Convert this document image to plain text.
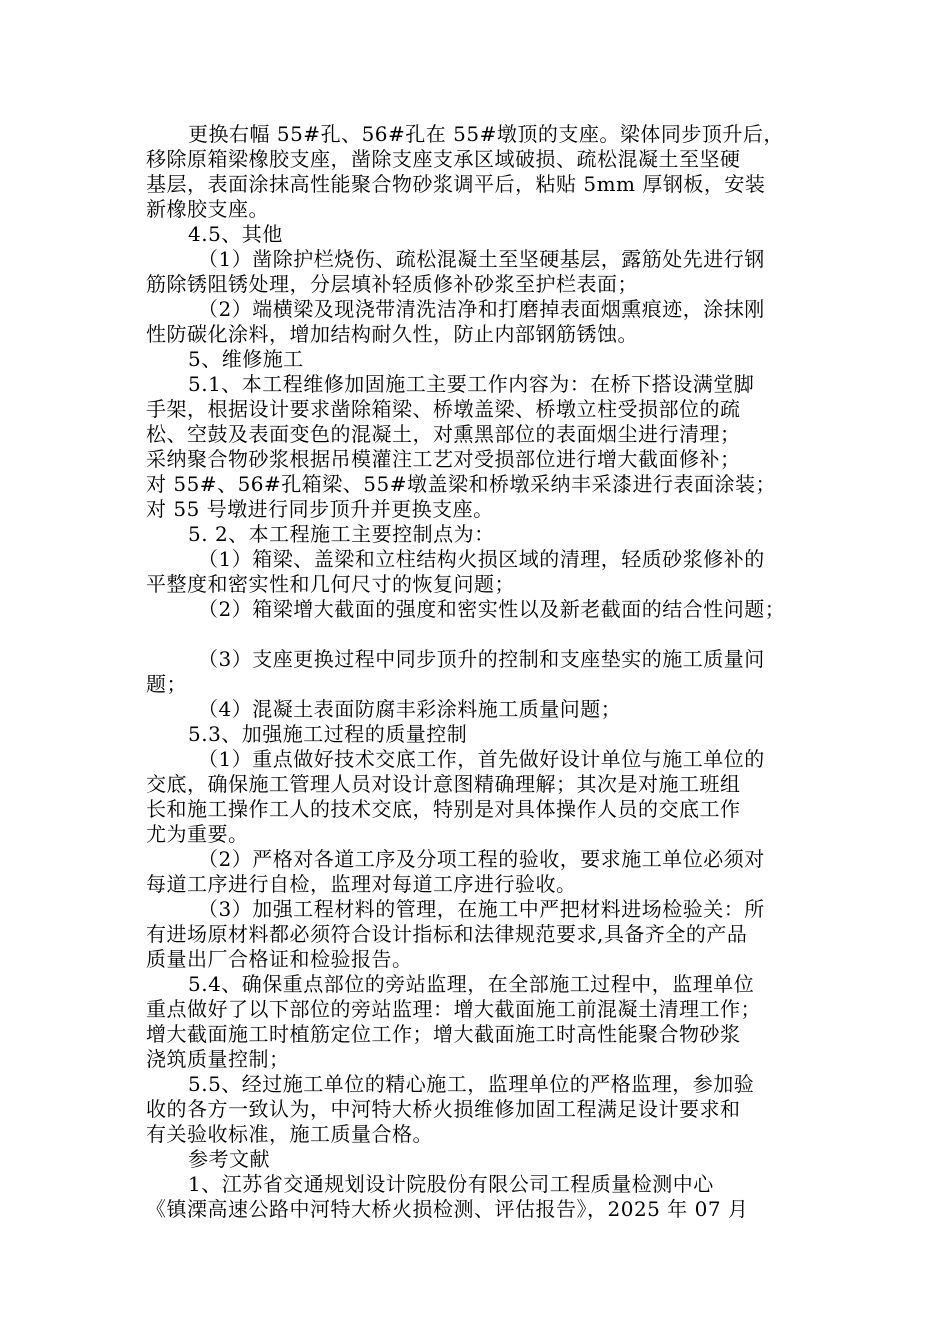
更换右幅 55#孔、56#孔在 55#墩顶的支座。梁体同步顶升后，
移除原箱梁橡胶支座，凿除支座支承区域破损、疏松混凝土至坚硬
基层，表面涂抹高性能聚合物砂浆调平后，粘贴 5mm 厚钢板，安装
新橡胶支座。
4.5、其他
（1）凿除护栏烧伤、疏松混凝土至坚硬基层，露筋处先进行钢
筋除锈阻锈处理，分层填补轻质修补砂浆至护栏表面；
（2）端横梁及现浇带清洗洁净和打磨掉表面烟熏痕迹，涂抹刚
性防碳化涂料，增加结构耐久性，防止内部钢筋锈蚀。
5、维修施工
5.1、本工程维修加固施工主要工作内容为：在桥下搭设满堂脚
手架，根据设计要求凿除箱梁、桥墩盖梁、桥墩立柱受损部位的疏
松、空鼓及表面变色的混凝土，对熏黑部位的表面烟尘进行清理；
采纳聚合物砂浆根据吊模灌注工艺对受损部位进行增大截面修补；
对 55#、56#孔箱梁、55#墩盖梁和桥墩采纳丰采漆进行表面涂装；
对 55 号墩进行同步顶升并更换支座。
5. 2、本工程施工主要控制点为：
（1）箱梁、盖梁和立柱结构火损区域的清理，轻质砂浆修补的
平整度和密实性和几何尺寸的恢复问题；
（2）箱梁增大截面的强度和密实性以及新老截面的结合性问题；
（3）支座更换过程中同步顶升的控制和支座垫实的施工质量问
题；
（4）混凝土表面防腐丰彩涂料施工质量问题；
5.3、加强施工过程的质量控制
（1）重点做好技术交底工作，首先做好设计单位与施工单位的
交底，确保施工管理人员对设计意图精确理解；其次是对施工班组
长和施工操作工人的技术交底，特别是对具体操作人员的交底工作
尤为重要。
（2）严格对各道工序及分项工程的验收，要求施工单位必须对
每道工序进行自检，监理对每道工序进行验收。
（3）加强工程材料的管理，在施工中严把材料进场检验关：所
有进场原材料都必须符合设计指标和法律规范要求,具备齐全的产品
质量出厂合格证和检验报告。
5.4、确保重点部位的旁站监理，在全部施工过程中，监理单位
重点做好了以下部位的旁站监理：增大截面施工前混凝土清理工作；
增大截面施工时植筋定位工作；增大截面施工时高性能聚合物砂浆
浇筑质量控制；
5.5、经过施工单位的精心施工，监理单位的严格监理，参加验
收的各方一致认为，中河特大桥火损维修加固工程满足设计要求和
有关验收标准，施工质量合格。
参考文献
1、江苏省交通规划设计院股份有限公司工程质量检测中心
《镇溧高速公路中河特大桥火损检测、评估报告》，2025 年 07 月
